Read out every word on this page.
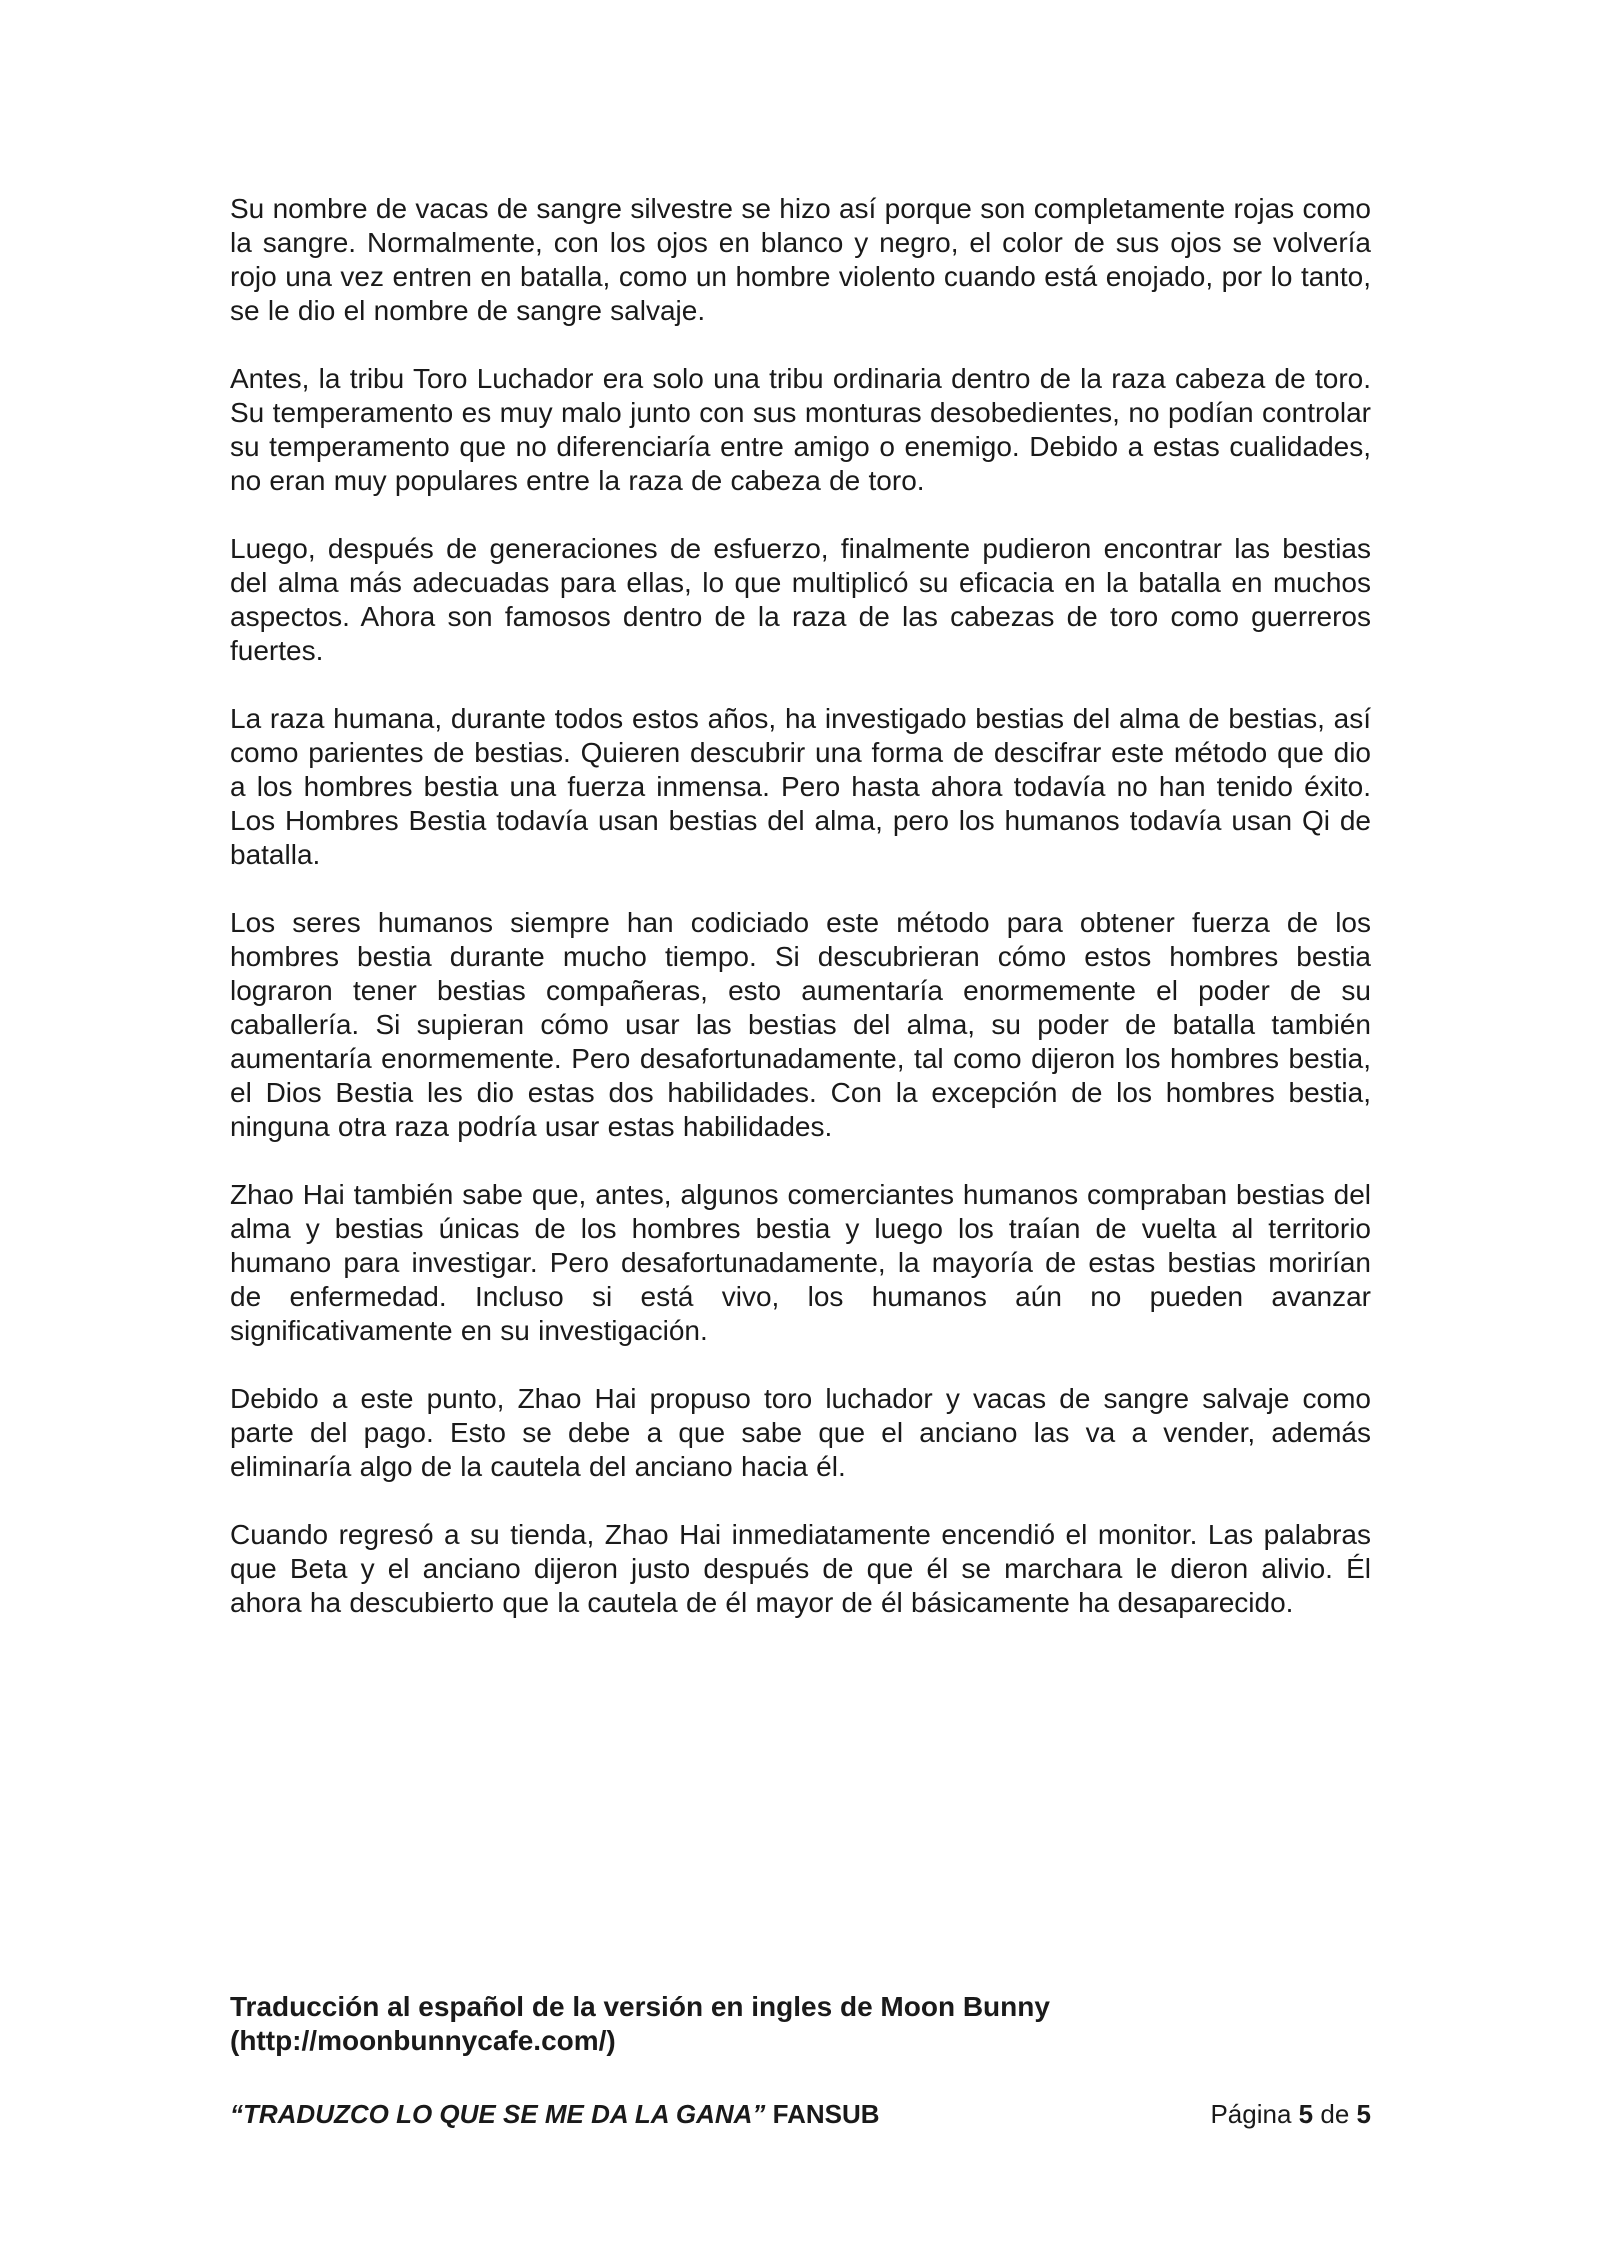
Su nombre de vacas de sangre silvestre se hizo así porque son completamente rojas como la sangre. Normalmente, con los ojos en blanco y negro, el color de sus ojos se volvería rojo una vez entren en batalla, como un hombre violento cuando está enojado, por lo tanto, se le dio el nombre de sangre salvaje.

Antes, la tribu Toro Luchador era solo una tribu ordinaria dentro de la raza cabeza de toro. Su temperamento es muy malo junto con sus monturas desobedientes, no podían controlar su temperamento que no diferenciaría entre amigo o enemigo. Debido a estas cualidades, no eran muy populares entre la raza de cabeza de toro.

Luego, después de generaciones de esfuerzo, finalmente pudieron encontrar las bestias del alma más adecuadas para ellas, lo que multiplicó su eficacia en la batalla en muchos aspectos. Ahora son famosos dentro de la raza de las cabezas de toro como guerreros fuertes.

La raza humana, durante todos estos años, ha investigado bestias del alma de bestias, así como parientes de bestias. Quieren descubrir una forma de descifrar este método que dio a los hombres bestia una fuerza inmensa. Pero hasta ahora todavía no han tenido éxito. Los Hombres Bestia todavía usan bestias del alma, pero los humanos todavía usan Qi de batalla.

Los seres humanos siempre han codiciado este método para obtener fuerza de los hombres bestia durante mucho tiempo. Si descubrieran cómo estos hombres bestia lograron tener bestias compañeras, esto aumentaría enormemente el poder de su caballería. Si supieran cómo usar las bestias del alma, su poder de batalla también aumentaría enormemente. Pero desafortunadamente, tal como dijeron los hombres bestia, el Dios Bestia les dio estas dos habilidades. Con la excepción de los hombres bestia, ninguna otra raza podría usar estas habilidades.

Zhao Hai también sabe que, antes, algunos comerciantes humanos compraban bestias del alma y bestias únicas de los hombres bestia y luego los traían de vuelta al territorio humano para investigar. Pero desafortunadamente, la mayoría de estas bestias morirían de enfermedad. Incluso si está vivo, los humanos aún no pueden avanzar significativamente en su investigación.

Debido a este punto, Zhao Hai propuso toro luchador y vacas de sangre salvaje como parte del pago. Esto se debe a que sabe que el anciano las va a vender, además eliminaría algo de la cautela del anciano hacia él.

Cuando regresó a su tienda, Zhao Hai inmediatamente encendió el monitor. Las palabras que Beta y el anciano dijeron justo después de que él se marchara le dieron alivio. Él ahora ha descubierto que la cautela de él mayor de él básicamente ha desaparecido.

Traducción al español de la versión en ingles de Moon Bunny
(http://moonbunnycafe.com/)
“TRADUZCO LO QUE SE ME DA LA GANA” FANSUB	Página 5 de 5
